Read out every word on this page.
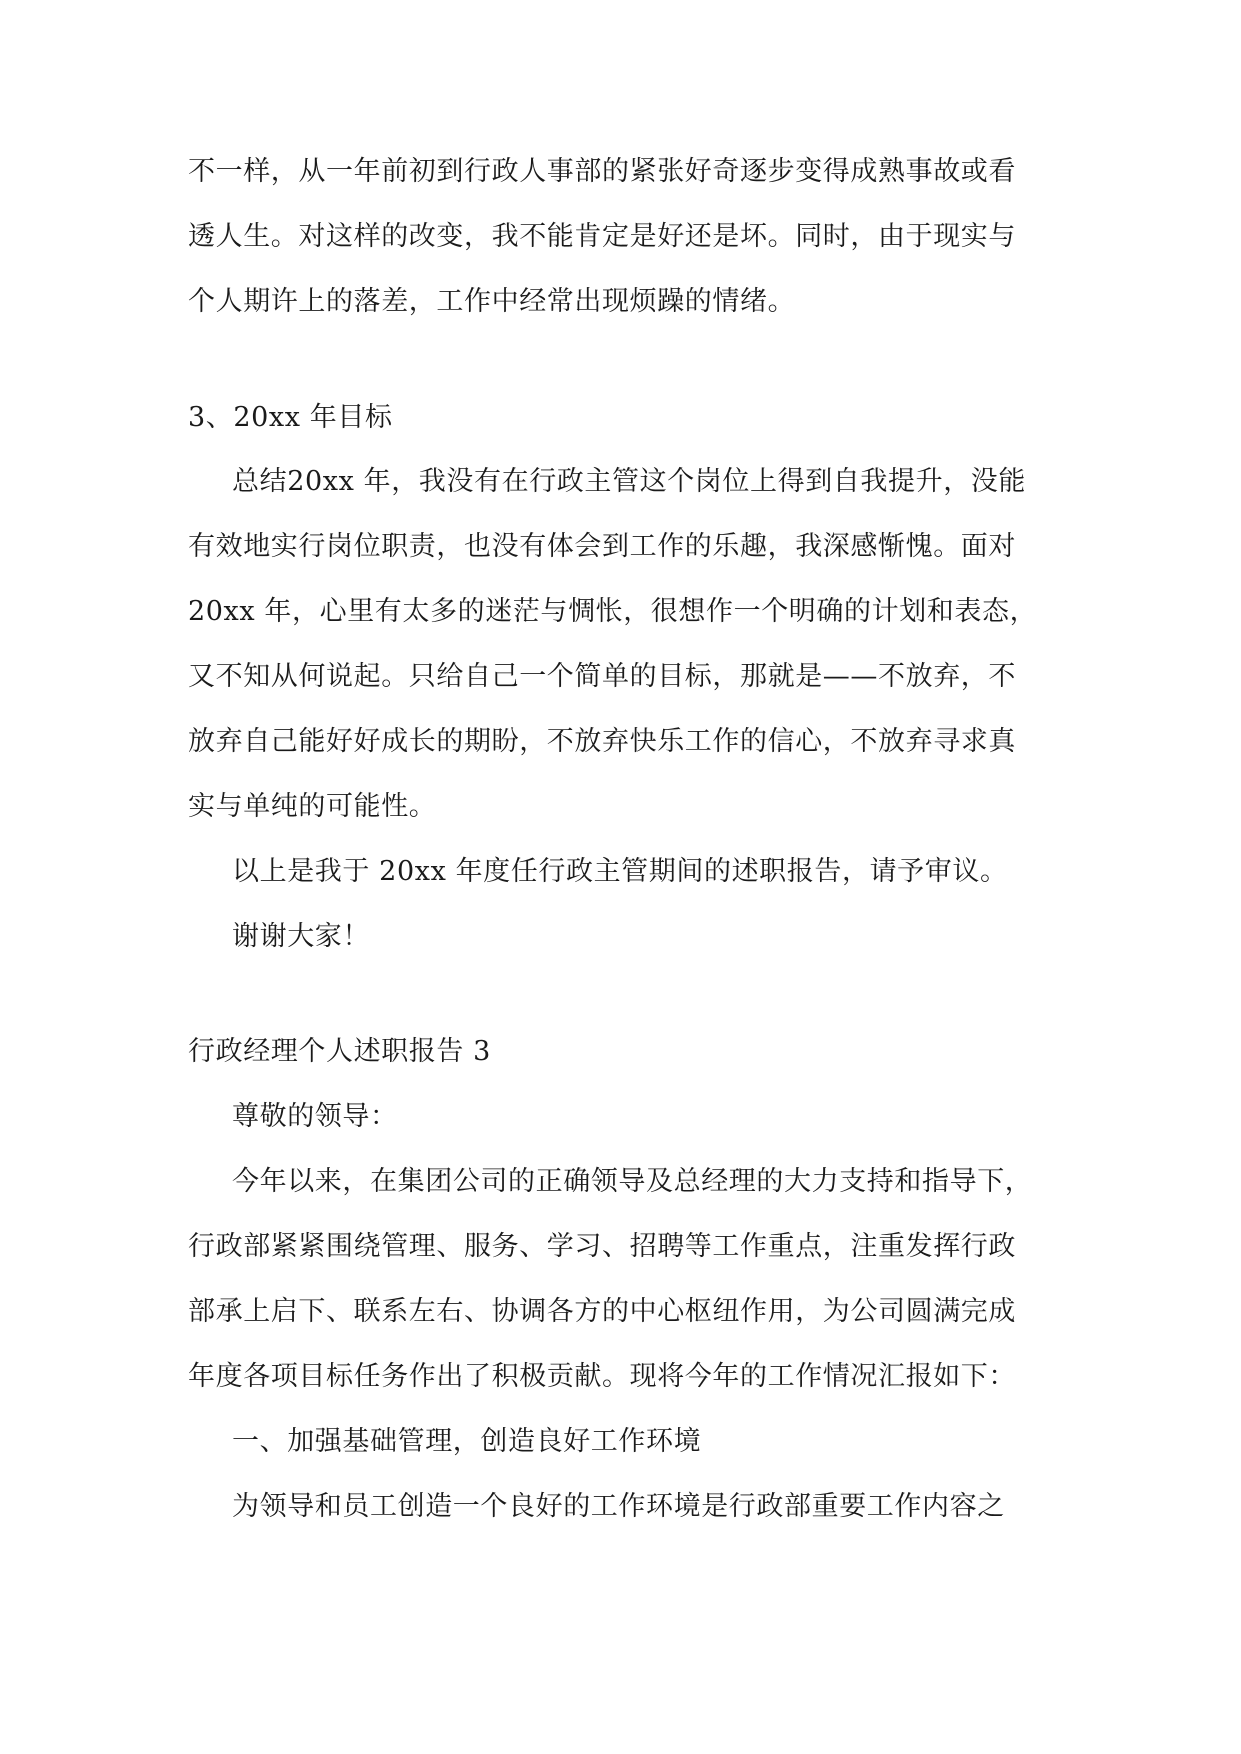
不一样，从一年前初到行政人事部的紧张好奇逐步变得成熟事故或看
透人生。对这样的改变，我不能肯定是好还是坏。同时，由于现实与
个人期许上的落差，工作中经常出现烦躁的情绪。
3、20xx 年目标
总结20xx 年，我没有在行政主管这个岗位上得到自我提升，没能
有效地实行岗位职责，也没有体会到工作的乐趣，我深感惭愧。面对
20xx 年，心里有太多的迷茫与惆怅，很想作一个明确的计划和表态，
又不知从何说起。只给自己一个简单的目标，那就是——不放弃，不
放弃自己能好好成长的期盼，不放弃快乐工作的信心，不放弃寻求真
实与单纯的可能性。
以上是我于 20xx 年度任行政主管期间的述职报告，请予审议。
谢谢大家！
行政经理个人述职报告 3
尊敬的领导：
今年以来，在集团公司的正确领导及总经理的大力支持和指导下，
行政部紧紧围绕管理、服务、学习、招聘等工作重点，注重发挥行政
部承上启下、联系左右、协调各方的中心枢纽作用，为公司圆满完成
年度各项目标任务作出了积极贡献。现将今年的工作情况汇报如下：
一、加强基础管理，创造良好工作环境
为领导和员工创造一个良好的工作环境是行政部重要工作内容之
